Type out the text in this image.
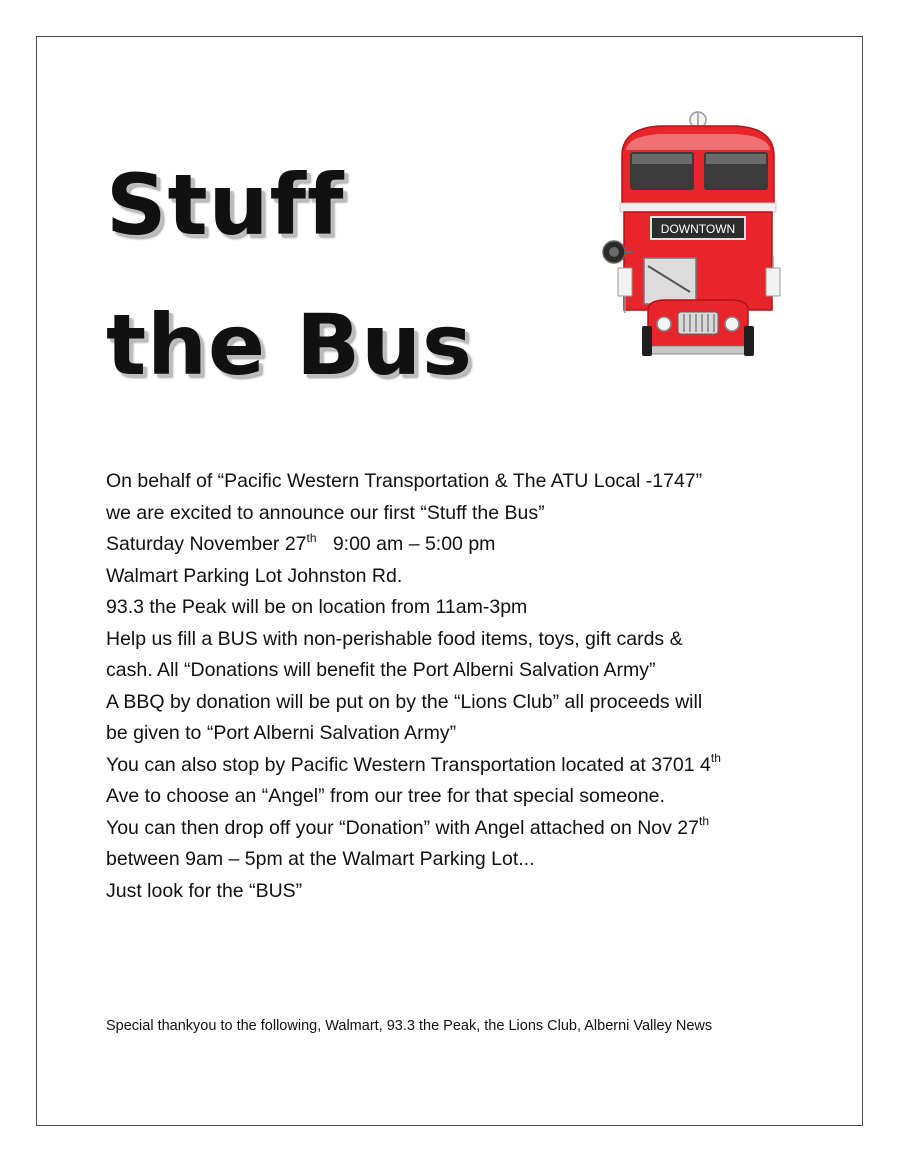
Stuff
the Bus
DOWNTOWN
On behalf of “Pacific Western Transportation & The ATU Local -1747”
we are excited to announce our first “Stuff the Bus”
Saturday November 27th 9:00 am – 5:00 pm
Walmart Parking Lot Johnston Rd.
93.3 the Peak will be on location from 11am-3pm
Help us fill a BUS with non-perishable food items, toys, gift cards &
cash. All “Donations will benefit the Port Alberni Salvation Army”
A BBQ by donation will be put on by the “Lions Club” all proceeds will
be given to “Port Alberni Salvation Army”
You can also stop by Pacific Western Transportation located at 3701 4th
Ave to choose an “Angel” from our tree for that special someone.
You can then drop off your “Donation” with Angel attached on Nov 27th
between 9am – 5pm at the Walmart Parking Lot...
Just look for the “BUS”
Special thankyou to the following, Walmart, 93.3 the Peak, the Lions Club, Alberni Valley News
